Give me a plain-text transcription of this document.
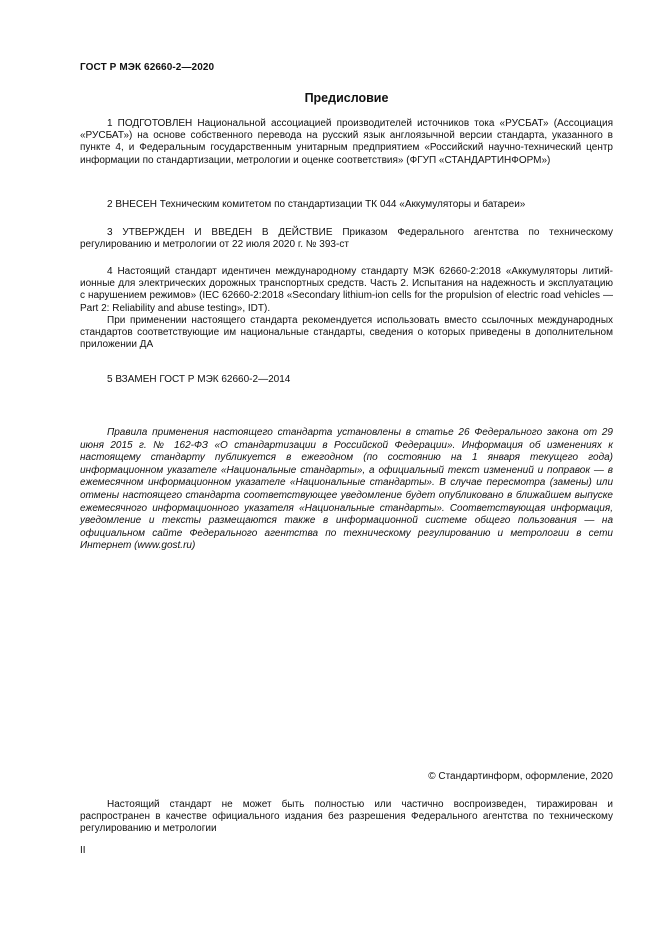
ГОСТ Р МЭК 62660-2—2020
Предисловие

1 ПОДГОТОВЛЕН Национальной ассоциацией производителей источников тока «РУСБАТ» (Ассоциация «РУСБАТ») на основе собственного перевода на русский язык англоязычной версии стандарта, указанного в пункте 4, и Федеральным государственным унитарным предприятием «Российский научно-технический центр информации по стандартизации, метрологии и оценке соответствия» (ФГУП «СТАНДАРТИНФОРМ»)

2 ВНЕСЕН Техническим комитетом по стандартизации ТК 044 «Аккумуляторы и батареи»

3 УТВЕРЖДЕН И ВВЕДЕН В ДЕЙСТВИЕ Приказом Федерального агентства по техническому регулированию и метрологии от 22 июля 2020 г. № 393-ст

4 Настоящий стандарт идентичен международному стандарту МЭК 62660-2:2018 «Аккумуляторы литий-ионные для электрических дорожных транспортных средств. Часть 2. Испытания на надежность и эксплуатацию с нарушением режимов» (IEC 62660-2:2018 «Secondary lithium-ion cells for the propulsion of electric road vehicles — Part 2: Reliability and abuse testing», IDT).

При применении настоящего стандарта рекомендуется использовать вместо ссылочных международных стандартов соответствующие им национальные стандарты, сведения о которых приведены в дополнительном приложении ДА

5 ВЗАМЕН ГОСТ Р МЭК 62660-2—2014

Правила применения настоящего стандарта установлены в статье 26 Федерального закона от 29 июня 2015 г. № 162-ФЗ «О стандартизации в Российской Федерации». Информация об изменениях к настоящему стандарту публикуется в ежегодном (по состоянию на 1 января текущего года) информационном указателе «Национальные стандарты», а официальный текст изменений и поправок — в ежемесячном информационном указателе «Национальные стандарты». В случае пересмотра (замены) или отмены настоящего стандарта соответствующее уведомление будет опубликовано в ближайшем выпуске ежемесячного информационного указателя «Национальные стандарты». Соответствующая информация, уведомление и тексты размещаются также в информационной системе общего пользования — на официальном сайте Федерального агентства по техническому регулированию и метрологии в сети Интернет (www.gost.ru)

© Стандартинформ, оформление, 2020

Настоящий стандарт не может быть полностью или частично воспроизведен, тиражирован и распространен в качестве официального издания без разрешения Федерального агентства по техническому регулированию и метрологии

II
